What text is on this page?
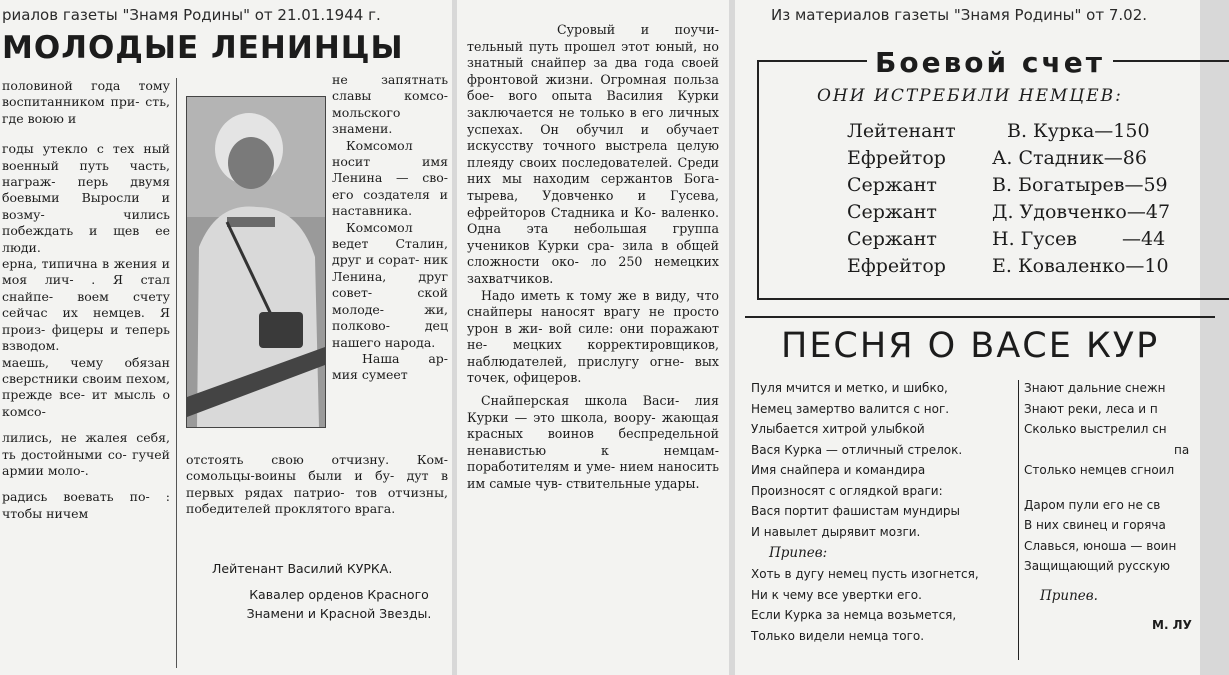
риалов газеты "Знамя Родины" от 21.01.1944 г.
МОЛОДЫЕ ЛЕНИНЦЫ

половиной года тому воспитанником при- сть, где воюю и

годы утекло с тех ный военный путь часть, награж- перь двумя боевыми Выросли и возму- чились побеждать и щев ее люди.

ерна, типична в жения и моя лич- . Я стал снайпе- воем счету сейчас их немцев. Я произ- фицеры и теперь взводом.

маешь, чему обязан сверстники своим пехом, прежде все- ит мысль о комсо-

лились, не жалея себя, ть достойными со- гучей армии моло-.

радись воевать по- : чтобы ничем

не запятнать славы комсо- мольского знамени.

Комсомол носит имя Ленина — сво- его создателя и наставника.

Комсомол ведет Сталин, друг и сорат- ник Ленина, друг совет- ской молоде- жи, полково- дец нашего народа.

Наша ар- мия сумеет

отстоять свою отчизну. Ком- сомольцы-воины были и бу- дут в первых рядах патрио- тов отчизны, победителей проклятого врага.

Лейтенант Василий КУРКА.
Кавалер орденов Красного Знамени и Красной Звезды.

Суровый и поучи- тельный путь прошел этот юный, но знатный снайпер за два года своей фронтовой жизни. Огромная польза бое- вого опыта Василия Курки заключается не только в его личных успехах. Он обучил и обучает искусству точного выстрела целую плеяду своих последователей. Среди них мы находим сержантов Бога- тырева, Удовченко и Гусева, ефрейторов Стадника и Ко- валенко. Одна эта небольшая группа учеников Курки сра- зила в общей сложности око- ло 250 немецких захватчиков.

Надо иметь к тому же в виду, что снайперы наносят врагу не просто урон в жи- вой силе: они поражают не- мецких корректировщиков, наблюдателей, прислугу огне- вых точек, офицеров.

Снайперская школа Васи- лия Курки — это школа, воору- жающая красных воинов беспредельной ненавистью к немцам-поработителям и уме- нием наносить им самые чув- ствительные удары.

Из материалов газеты "Знамя Родины" от 7.02.
Боевой счет
ОНИ ИСТРЕБИЛИ НЕМЦЕВ:
Лейтенант	В. Курка—150
Ефрейтор А. Стадник—86
Сержант	В. Богатырев—59
Сержант	Д. Удовченко—47
Сержант	Н. Гусев —44
Ефрейтор Е. Коваленко—10
ПЕСНЯ О ВАСЕ КУР
Пуля мчится и метко, и шибко,
Немец замертво валится с ног.
Улыбается хитрой улыбкой
Вася Курка — отличный стрелок.
Имя снайпера и командира
Произносят с оглядкой враги:
Вася портит фашистам мундиры
И навылет дырявит мозги.
Припев:
Хоть в дугу немец пусть изогнется,
Ни к чему все увертки его.
Если Курка за немца возьмется,
Только видели немца того.
Знают дальние снежн
Знают реки, леса и п
Сколько выстрелил сн
па
Столько немцев сгноил
Даром пули его не св
В них свинец и горяча
Славься, юноша — воин
Защищающий русскую
Припев.
М. ЛУ
